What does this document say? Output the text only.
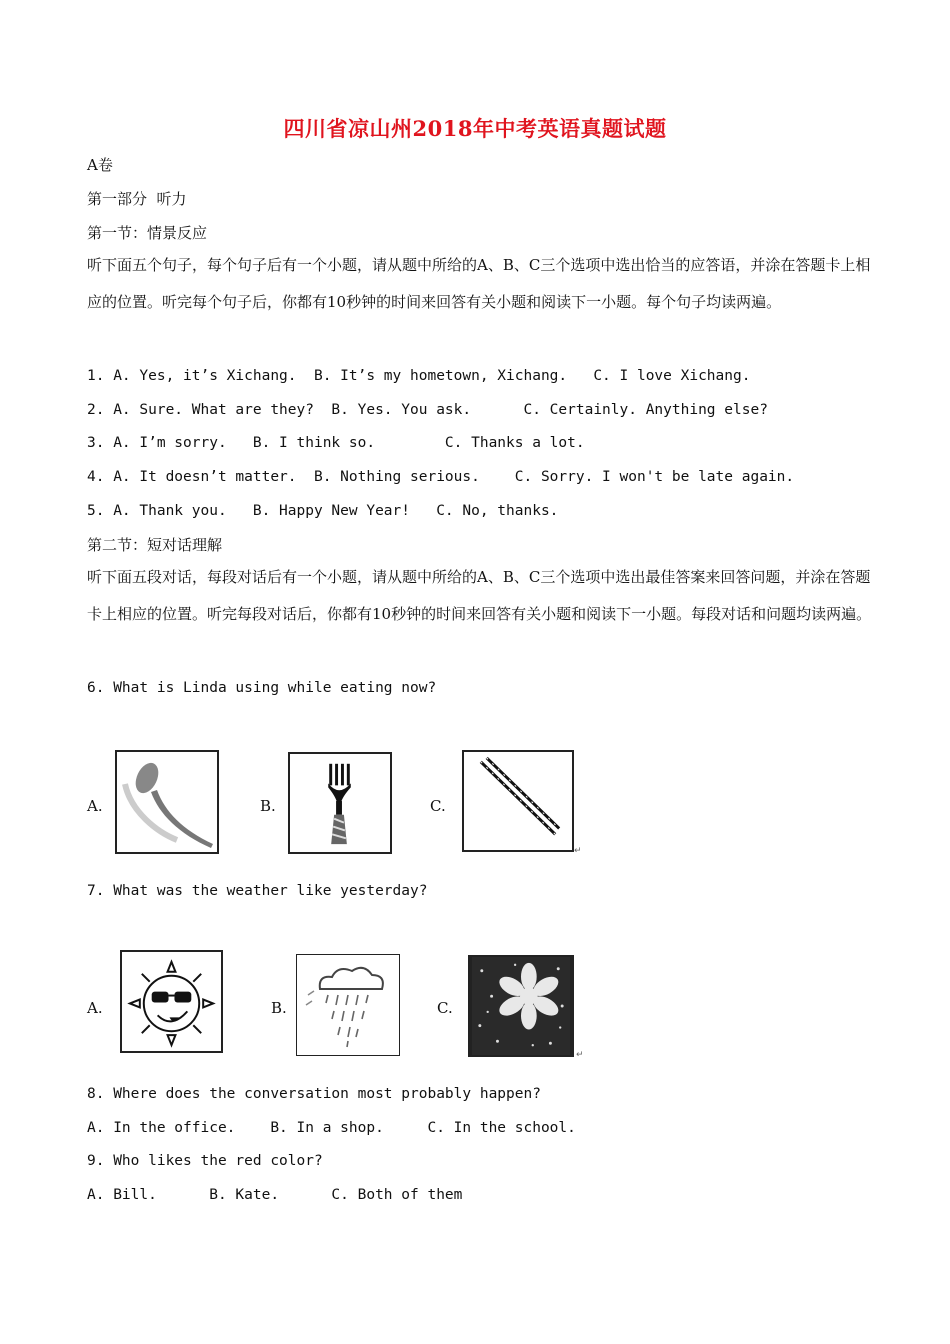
四川省凉山州2018年中考英语真题试题
A卷
第一部分  听力
第一节：情景反应
听下面五个句子，每个句子后有一个小题，请从题中所给的A、B、C三个选项中选出恰当的应答语，并涂在答题卡上相应的位置。听完每个句子后，你都有10秒钟的时间来回答有关小题和阅读下一小题。每个句子均读两遍。
1. A. Yes, it’s Xichang.  B. It’s my hometown, Xichang.   C. I love Xichang.
2. A. Sure. What are they?  B. Yes. You ask.      C. Certainly. Anything else?
3. A. I’m sorry.   B. I think so.        C. Thanks a lot.
4. A. It doesn’t matter.  B. Nothing serious.    C. Sorry. I won't be late again.
5. A. Thank you.   B. Happy New Year!   C. No, thanks.
第二节：短对话理解
听下面五段对话，每段对话后有一个小题，请从题中所给的A、B、C三个选项中选出最佳答案来回答问题，并涂在答题卡上相应的位置。听完每段对话后，你都有10秒钟的时间来回答有关小题和阅读下一小题。每段对话和问题均读两遍。
6. What is Linda using while eating now?
A.	B.	C.
↵
7. What was the weather like yesterday?
A.	B.	C.
↵
8. Where does the conversation most probably happen?
A. In the office.    B. In a shop.     C. In the school.
9. Who likes the red color?
A. Bill.      B. Kate.      C. Both of them
